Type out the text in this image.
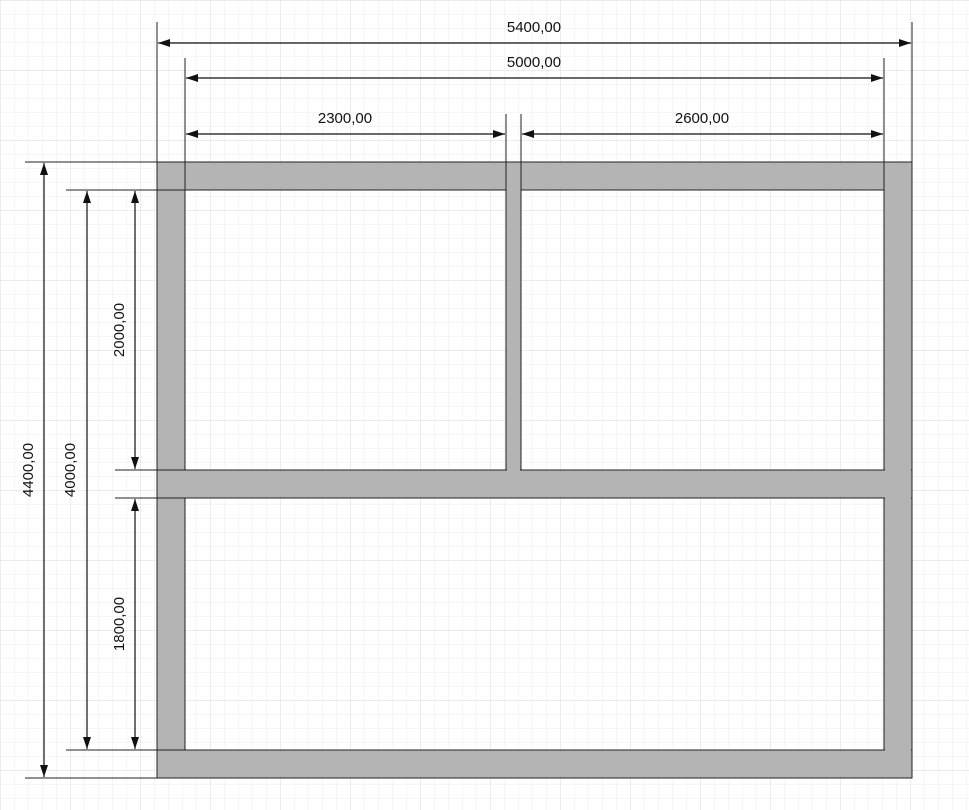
5400,00
5000,00
2300,00	2600,00
4400,00 4000,00
2000,00
1800,00
